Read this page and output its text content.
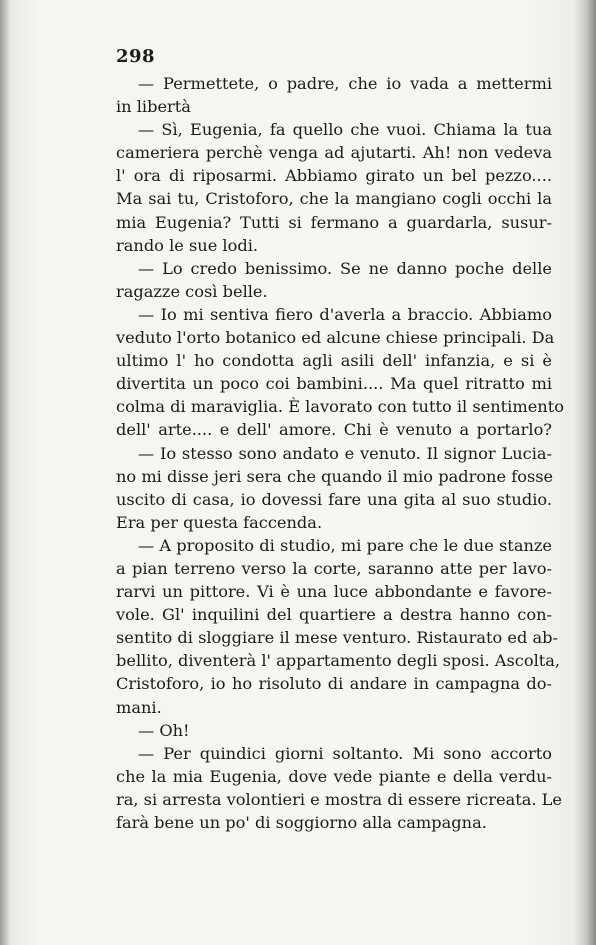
298
— Permettete, o padre, che io vada a mettermi
in libertà
— Sì, Eugenia, fa quello che vuoi. Chiama la tua
cameriera perchè venga ad ajutarti. Ah! non vedeva
l' ora di riposarmi. Abbiamo girato un bel pezzo....
Ma sai tu, Cristoforo, che la mangiano cogli occhi la
mia Eugenia? Tutti si fermano a guardarla, susur-
rando le sue lodi.
— Lo credo benissimo. Se ne danno poche delle
ragazze così belle.
— Io mi sentiva fiero d'averla a braccio. Abbiamo
veduto l'orto botanico ed alcune chiese principali. Da
ultimo l' ho condotta agli asili dell' infanzia, e si è
divertita un poco coi bambini.... Ma quel ritratto mi
colma di maraviglia. È lavorato con tutto il sentimento
dell' arte.... e dell' amore. Chi è venuto a portarlo?
— Io stesso sono andato e venuto. Il signor Lucia-
no mi disse jeri sera che quando il mio padrone fosse
uscito di casa, io dovessi fare una gita al suo studio.
Era per questa faccenda.
— A proposito di studio, mi pare che le due stanze
a pian terreno verso la corte, saranno atte per lavo-
rarvi un pittore. Vi è una luce abbondante e favore-
vole. Gl' inquilini del quartiere a destra hanno con-
sentito di sloggiare il mese venturo. Ristaurato ed ab-
bellito, diventerà l' appartamento degli sposi. Ascolta,
Cristoforo, io ho risoluto di andare in campagna do-
mani.
— Oh!
— Per quindici giorni soltanto. Mi sono accorto
che la mia Eugenia, dove vede piante e della verdu-
ra, si arresta volontieri e mostra di essere ricreata. Le
farà bene un po' di soggiorno alla campagna.
